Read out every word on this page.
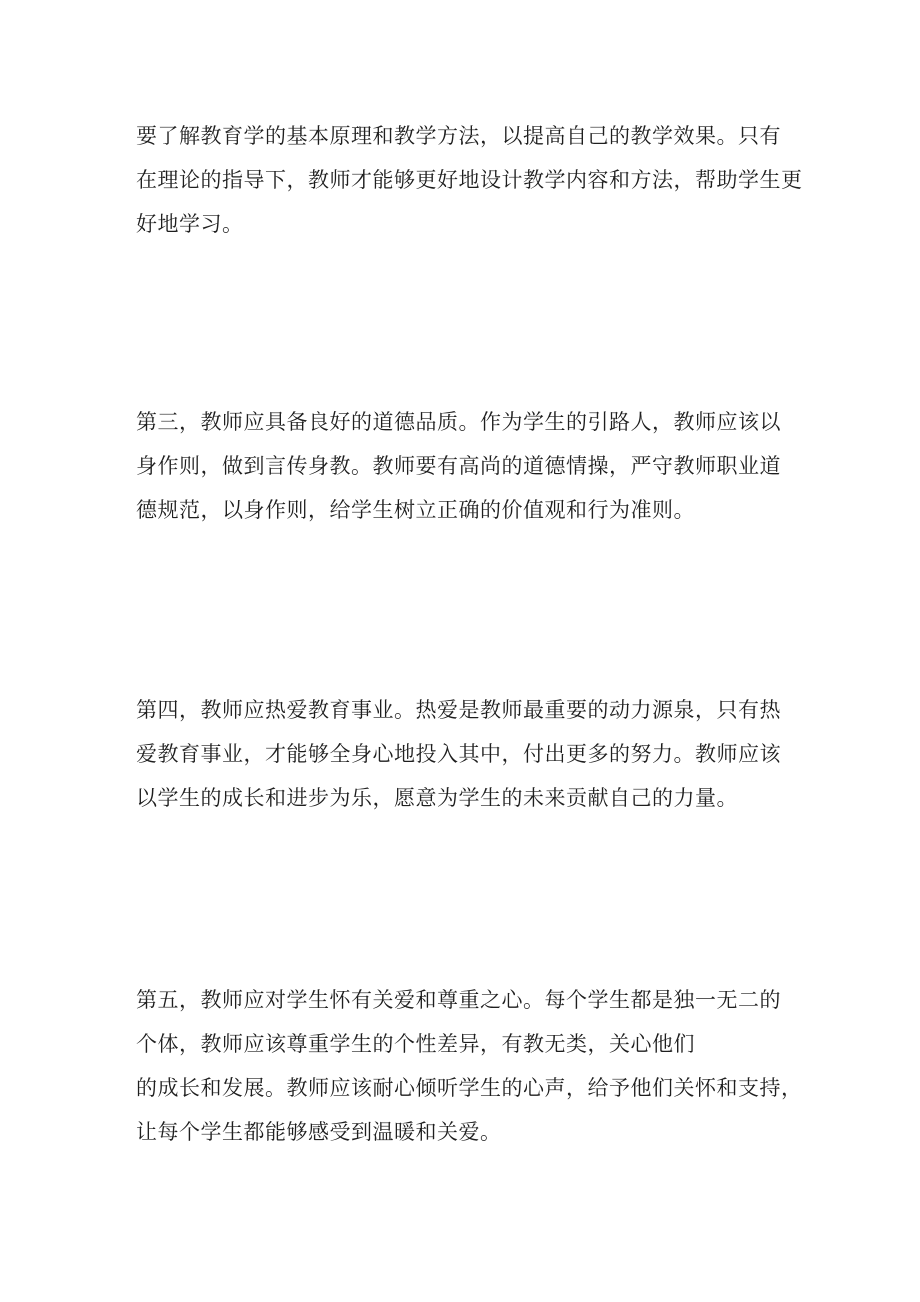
要了解教育学的基本原理和教学方法，以提高自己的教学效果。只有
在理论的指导下，教师才能够更好地设计教学内容和方法，帮助学生更
好地学习。
第三，教师应具备良好的道德品质。作为学生的引路人，教师应该以
身作则，做到言传身教。教师要有高尚的道德情操，严守教师职业道
德规范，以身作则，给学生树立正确的价值观和行为准则。
第四，教师应热爱教育事业。热爱是教师最重要的动力源泉，只有热
爱教育事业，才能够全身心地投入其中，付出更多的努力。教师应该
以学生的成长和进步为乐，愿意为学生的未来贡献自己的力量。
第五，教师应对学生怀有关爱和尊重之心。每个学生都是独一无二的
个体，教师应该尊重学生的个性差异，有教无类，关心他们
的成长和发展。教师应该耐心倾听学生的心声，给予他们关怀和支持，
让每个学生都能够感受到温暖和关爱。
